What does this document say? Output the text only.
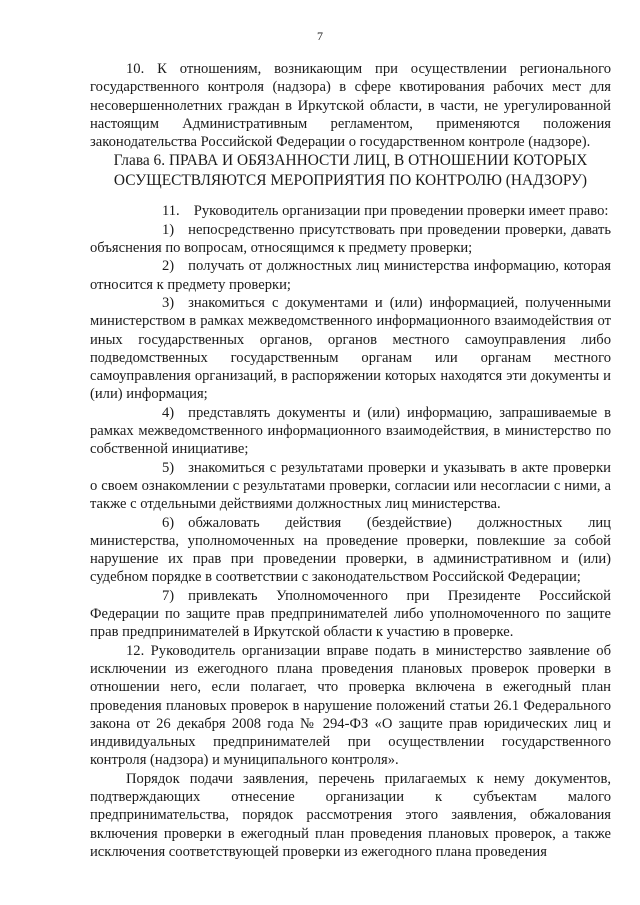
7

10. К отношениям, возникающим при осуществлении регионального государственного контроля (надзора) в сфере квотирования рабочих мест для несовершеннолетних граждан в Иркутской области, в части, не урегулированной настоящим Административным регламентом, применяются положения законодательства Российской Федерации о государственном контроле (надзоре).

Глава 6. ПРАВА И ОБЯЗАННОСТИ ЛИЦ, В ОТНОШЕНИИ КОТОРЫХ
ОСУЩЕСТВЛЯЮТСЯ МЕРОПРИЯТИЯ ПО КОНТРОЛЮ (НАДЗОРУ)

11. Руководитель организации при проведении проверки имеет право:

1) непосредственно присутствовать при проведении проверки, давать объяснения по вопросам, относящимся к предмету проверки;

2) получать от должностных лиц министерства информацию, которая относится к предмету проверки;

3) знакомиться с документами и (или) информацией, полученными министерством в рамках межведомственного информационного взаимодействия от иных государственных органов, органов местного самоуправления либо подведомственных государственным органам или органам местного самоуправления организаций, в распоряжении которых находятся эти документы и (или) информация;

4) представлять документы и (или) информацию, запрашиваемые в рамках межведомственного информационного взаимодействия, в министерство по собственной инициативе;

5) знакомиться с результатами проверки и указывать в акте проверки о своем ознакомлении с результатами проверки, согласии или несогласии с ними, а также с отдельными действиями должностных лиц министерства.

6) обжаловать действия (бездействие) должностных лиц министерства, уполномоченных на проведение проверки, повлекшие за собой нарушение их прав при проведении проверки, в административном и (или) судебном порядке в соответствии с законодательством Российской Федерации;

7) привлекать Уполномоченного при Президенте Российской Федерации по защите прав предпринимателей либо уполномоченного по защите прав предпринимателей в Иркутской области к участию в проверке.

12. Руководитель организации вправе подать в министерство заявление об исключении из ежегодного плана проведения плановых проверок проверки в отношении него, если полагает, что проверка включена в ежегодный план проведения плановых проверок в нарушение положений статьи 26.1 Федерального закона от 26 декабря 2008 года № 294-ФЗ «О защите прав юридических лиц и индивидуальных предпринимателей при осуществлении государственного контроля (надзора) и муниципального контроля».

Порядок подачи заявления, перечень прилагаемых к нему документов, подтверждающих отнесение организации к субъектам малого предпринимательства, порядок рассмотрения этого заявления, обжалования включения проверки в ежегодный план проведения плановых проверок, а также исключения соответствующей проверки из ежегодного плана проведения
